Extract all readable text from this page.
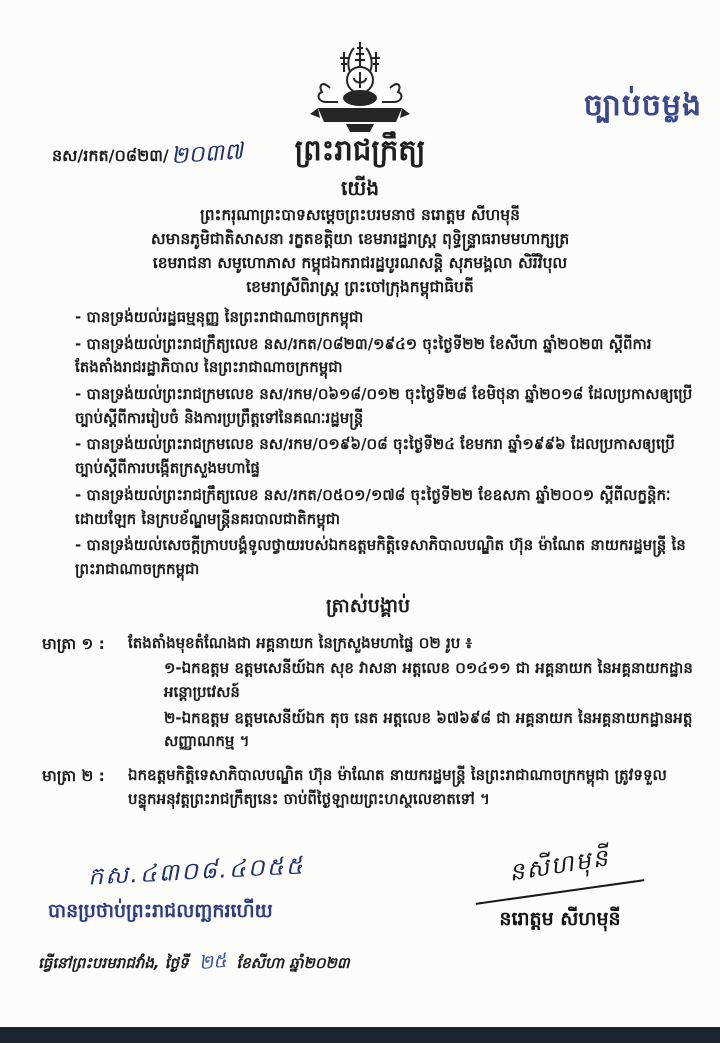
ច្បាប់ចម្លង
នស/រកត/០៨២៣/២០៣៧	ព្រះរាជក្រឹត្យ
យើង
ព្រះករុណាព្រះបាទសម្តេចព្រះបរមនាថ នរោត្តម សីហមុនី
សមានភូមិជាតិសាសនា រក្ខតខត្តិយា ខេមរារដ្ឋរាស្ត្រ ពុទ្ធិន្ទ្រាធរាមមហាក្សត្រ
ខេមរាជនា សមូហោភាស កម្ពុជឯករាជរដ្ឋបូរណសន្តិ សុភមង្គលា សិរីវិបុល
ខេមរាស្រីពិរាស្ត្រ ព្រះចៅក្រុងកម្ពុជាធិបតី
- បានទ្រង់យល់រដ្ឋធម្មនុញ្ញ នៃព្រះរាជាណាចក្រកម្ពុជា
- បានទ្រង់យល់ព្រះរាជក្រឹត្យលេខ នស/រកត/០៨២៣/១៩៤១ ចុះថ្ងៃទី២២ ខែសីហា ឆ្នាំ២០២៣ ស្តីពីការតែងតាំងរាជរដ្ឋាភិបាល នៃព្រះរាជាណាចក្រកម្ពុជា
- បានទ្រង់យល់ព្រះរាជក្រមលេខ នស/រកម/០៦១៨/០១២ ចុះថ្ងៃទី២៨ ខែមិថុនា ឆ្នាំ២០១៨ ដែលប្រកាសឲ្យប្រើច្បាប់ស្តីពីការរៀបចំ និងការប្រព្រឹត្តទៅនៃគណៈរដ្ឋមន្ត្រី
- បានទ្រង់យល់ព្រះរាជក្រមលេខ នស/រកម/០១៩៦/០៨ ចុះថ្ងៃទី២៤ ខែមករា ឆ្នាំ១៩៩៦ ដែលប្រកាសឲ្យប្រើច្បាប់ស្តីពីការបង្កើតក្រសួងមហាផ្ទៃ
- បានទ្រង់យល់ព្រះរាជក្រឹត្យលេខ នស/រកត/០៥០១/១៧៨ ចុះថ្ងៃទី២២ ខែឧសភា ឆ្នាំ២០០១ ស្តីពីលក្ខន្តិកៈដោយឡែក នៃក្របខ័ណ្ឌមន្ត្រីនគរបាលជាតិកម្ពុជា
- បានទ្រង់យល់សេចក្តីក្រាបបង្គំទូលថ្វាយរបស់ឯកឧត្តមកិត្តិទេសាភិបាលបណ្ឌិត ហ៊ុន ម៉ាណែត នាយករដ្ឋមន្ត្រី នៃព្រះរាជាណាចក្រកម្ពុជា
ត្រាស់បង្គាប់
មាត្រា ១ :	តែងតាំងមុខតំណែងជា អគ្គនាយក នៃក្រសួងមហាផ្ទៃ ០២ រូប ៖
១-ឯកឧត្តម ឧត្តមសេនីយ៍ឯក សុខ វាសនា អត្តលេខ ០១៤១១ ជា អគ្គនាយក នៃអគ្គនាយកដ្ឋានអន្តោប្រវេសន៍
២-ឯកឧត្តម ឧត្តមសេនីយ៍ឯក តុច នេត អត្តលេខ ៦៧៦៩៨ ជា អគ្គនាយក នៃអគ្គនាយកដ្ឋានអត្តសញ្ញាណកម្ម ។
មាត្រា ២ :	ឯកឧត្តមកិត្តិទេសាភិបាលបណ្ឌិត ហ៊ុន ម៉ាណែត នាយករដ្ឋមន្ត្រី នៃព្រះរាជាណាចក្រកម្ពុជា ត្រូវទទួលបន្ទុកអនុវត្តព្រះរាជក្រឹត្យនេះ ចាប់ពីថ្ងៃឡាយព្រះហស្ថលេខាតទៅ ។
កស.៤៣០៨.៤០៥៥
បានប្រថាប់ព្រះរាជលញ្ឆករហើយ
ធ្វើនៅព្រះបរមរាជវាំង, ថ្ងៃទី ២៥ ខែសីហា ឆ្នាំ២០២៣
នសីហមុនី
នរោត្តម សីហមុនី
